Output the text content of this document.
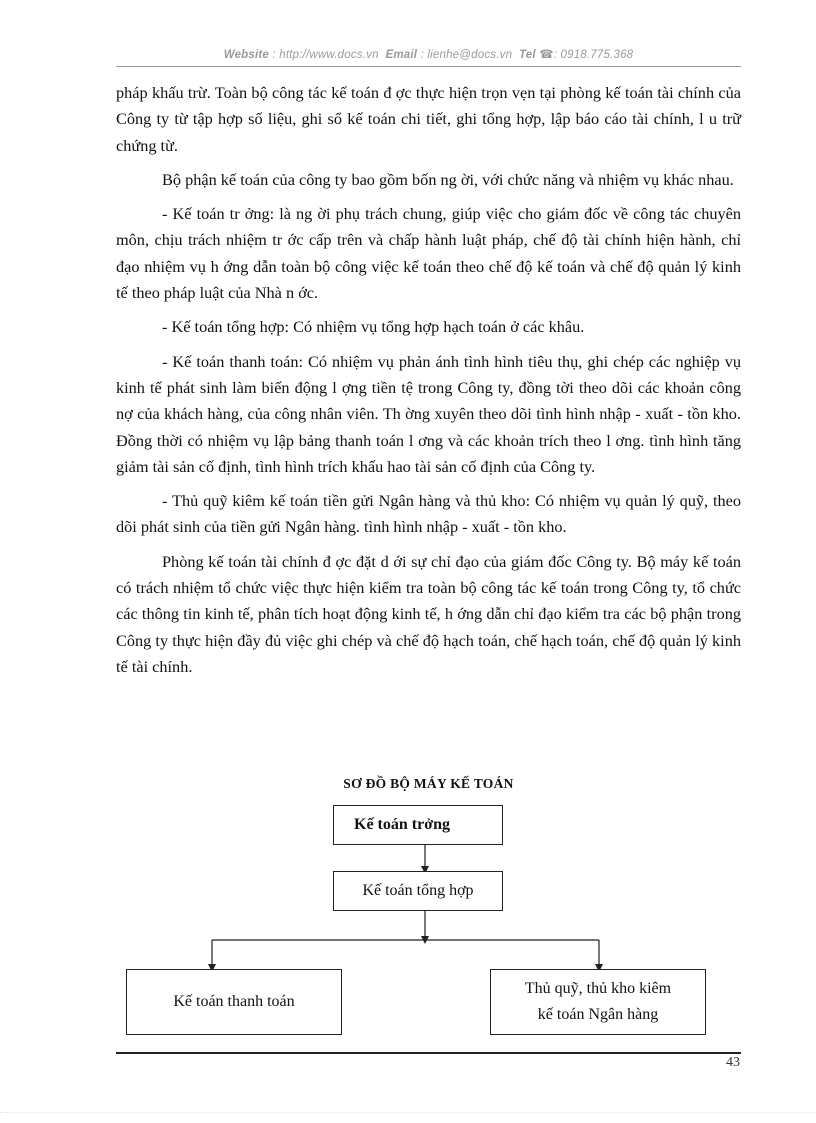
Website : http://www.docs.vn Email : lienhe@docs.vn Tel ☎: 0918.775.368

pháp khấu trừ. Toàn bộ công tác kế toán đ ợc thực hiện trọn vẹn tại phòng kế toán tài chính của Công ty từ tập hợp số liệu, ghi sổ kế toán chi tiết, ghi tổng hợp, lập báo cáo tài chính, l u trữ chứng từ.

Bộ phận kế toán của công ty bao gồm bốn ng ời, với chức năng và nhiệm vụ khác nhau.

- Kế toán tr ởng: là ng ời phụ trách chung, giúp việc cho giám đốc về công tác chuyên môn, chịu trách nhiệm tr ớc cấp trên và chấp hành luật pháp, chế độ tài chính hiện hành, chỉ đạo nhiệm vụ h ớng dẫn toàn bộ công việc kế toán theo chế độ kế toán và chế độ quản lý kinh tế theo pháp luật của Nhà n ớc.

- Kế toán tổng hợp: Có nhiệm vụ tổng hợp hạch toán ở các khâu.

- Kế toán thanh toán: Có nhiệm vụ phản ánh tình hình tiêu thụ, ghi chép các nghiệp vụ kinh tế phát sinh làm biến động l ợng tiền tệ trong Công ty, đồng tời theo dõi các khoản công nợ của khách hàng, của công nhân viên. Th ờng xuyên theo dõi tình hình nhập - xuất - tồn kho. Đồng thời có nhiệm vụ lập bảng thanh toán l ơng và các khoản trích theo l ơng. tình hình tăng giảm tài sản cố định, tình hình trích khấu hao tài sản cố định của Công ty.

- Thủ quỹ kiêm kế toán tiền gửi Ngân hàng và thủ kho: Có nhiệm vụ quản lý quỹ, theo dõi phát sinh của tiền gửi Ngân hàng. tình hình nhập - xuất - tồn kho.

Phòng kế toán tài chính đ ợc đặt d ới sự chỉ đạo của giám đốc Công ty. Bộ máy kế toán có trách nhiệm tổ chức việc thực hiện kiểm tra toàn bộ công tác kế toán trong Công ty, tổ chức các thông tin kinh tế, phân tích hoạt động kinh tế, h ớng dẫn chỉ đạo kiểm tra các bộ phận trong Công ty thực hiện đầy đủ việc ghi chép và chế độ hạch toán, chế hạch toán, chế độ quản lý kinh tế tài chính.

SƠ ĐỒ BỘ MÁY KẾ TOÁN
Kế toán trởng
Kế toán tổng hợp
Kế toán thanh toán
Thủ quỹ, thủ kho kiêm
kế toán Ngân hàng
43
